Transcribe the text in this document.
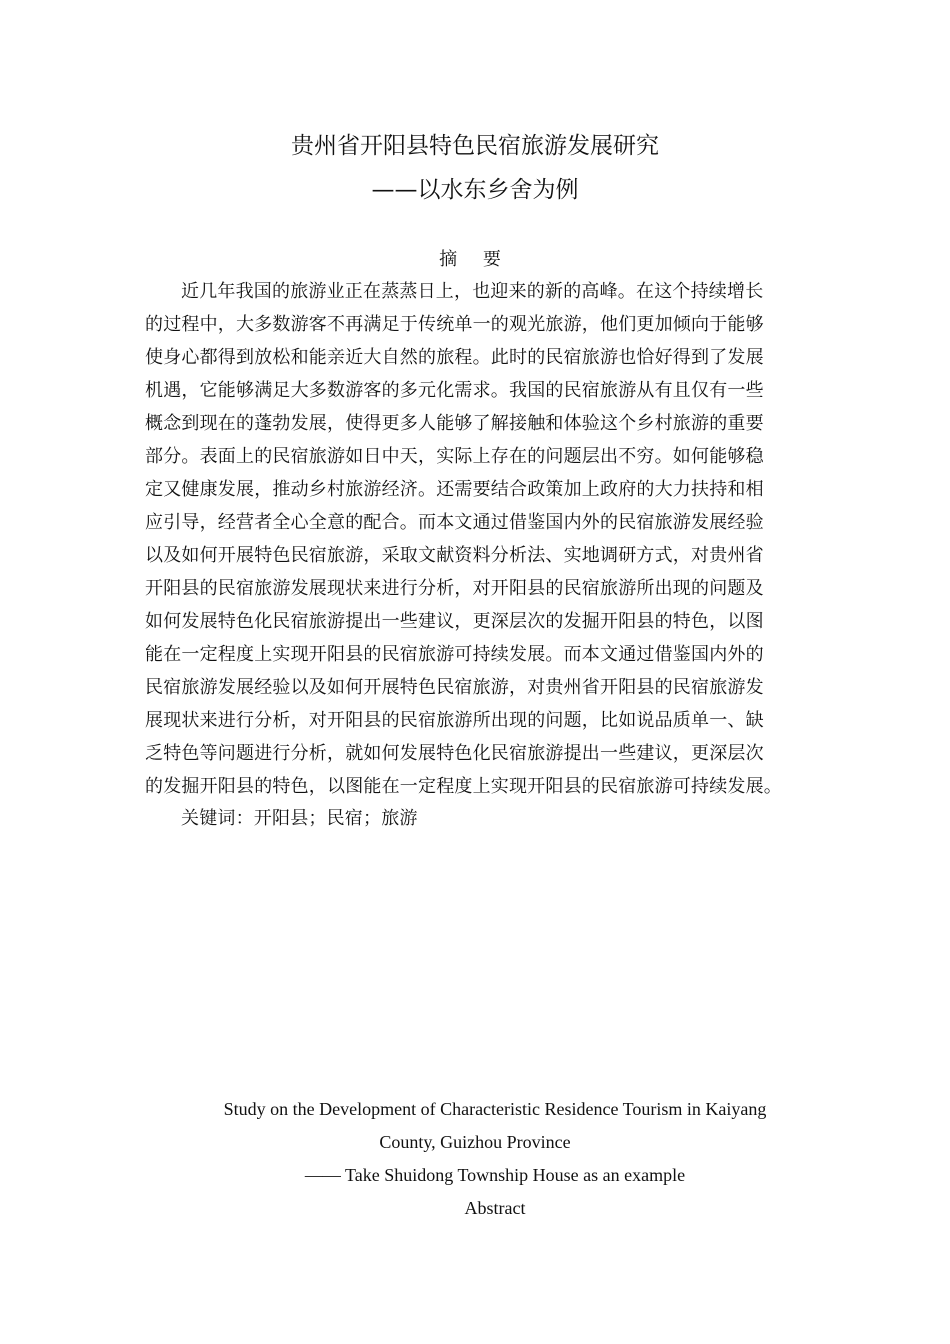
贵州省开阳县特色民宿旅游发展研究
——以水东乡舍为例
摘 要
近几年我国的旅游业正在蒸蒸日上，也迎来的新的高峰。在这个持续增长
的过程中，大多数游客不再满足于传统单一的观光旅游，他们更加倾向于能够
使身心都得到放松和能亲近大自然的旅程。此时的民宿旅游也恰好得到了发展
机遇，它能够满足大多数游客的多元化需求。我国的民宿旅游从有且仅有一些
概念到现在的蓬勃发展，使得更多人能够了解接触和体验这个乡村旅游的重要
部分。表面上的民宿旅游如日中天，实际上存在的问题层出不穷。如何能够稳
定又健康发展，推动乡村旅游经济。还需要结合政策加上政府的大力扶持和相
应引导，经营者全心全意的配合。而本文通过借鉴国内外的民宿旅游发展经验
以及如何开展特色民宿旅游，采取文献资料分析法、实地调研方式，对贵州省
开阳县的民宿旅游发展现状来进行分析，对开阳县的民宿旅游所出现的问题及
如何发展特色化民宿旅游提出一些建议，更深层次的发掘开阳县的特色，以图
能在一定程度上实现开阳县的民宿旅游可持续发展。而本文通过借鉴国内外的
民宿旅游发展经验以及如何开展特色民宿旅游，对贵州省开阳县的民宿旅游发
展现状来进行分析，对开阳县的民宿旅游所出现的问题，比如说品质单一、缺
乏特色等问题进行分析，就如何发展特色化民宿旅游提出一些建议，更深层次
的发掘开阳县的特色，以图能在一定程度上实现开阳县的民宿旅游可持续发展。
关键词：开阳县；民宿；旅游
Study on the Development of Characteristic Residence Tourism in Kaiyang
County, Guizhou Province
—— Take Shuidong Township House as an example
Abstract
